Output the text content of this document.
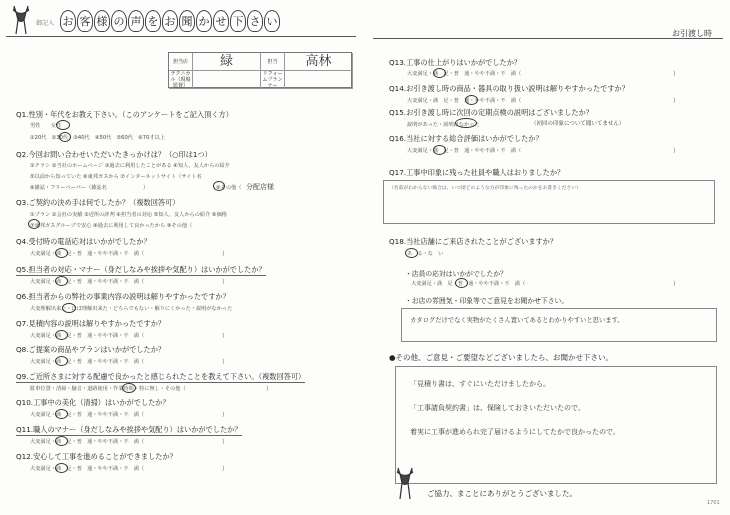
御記入 お 客 様 の 声 を お 聞 か せ 下 さ い
担当店	緑	担当	高林
テクニカル（現場監督）
リフォームプランナー
Q1.性別・年代をお教え下さい。（このアンケートをご記入頂く方）
男性　　女性
①20代　②30代　③40代　④50代　⑤60代　⑥70才以上
Q2.今回お問い合わせいただいたきっかけは？（○印は1つ）
①チラシ ②当社のホームページ ③過去に利用したことがある ④知人、友人からの紹介
⑤以前から知っていた ⑥東邦ガスから ⑦インターネットサイト（サイト名
⑧雑誌・フリーペーパー（雑誌名　　　　　　　）	⑨その他（ 分配店様
Q3.ご契約の決め手は何でしたか？（複数回答可）
①プラン ②会社の実績 ③近所の評判 ④担当者の対応 ⑤知人、友人からの紹介 ⑥価格
⑦東邦ガスグループで安心 ⑧過去に利用して良かったから ⑨その他（
Q4.受付時の電話応対はいかがでしたか？
大変満足・満　足・普　通・やや不満・不　満（	）
Q5.担当者の対応・マナー（身だしなみや挨拶や気配り）はいかがでしたか？
大変満足・満　足・普　通・やや不満・不　満（	）
Q6.担当者からの弊社の事業内容の説明は解りやすかったですか？
大変理解出来た・ほぼ理解出来た・どちらでもない・解りにくかった・説明がなかった
Q7.見積内容の説明は解りやすかったですか？
大変満足・満　足・普　通・やや不満・不　満（	）
Q8.ご提案の商品やプランはいかがでしたか？
大変満足・満　足・普　通・やや不満・不　満（	）
Q9.ご近所さまに対する配慮で良かったと感じられたことを教えて下さい。（複数回答可）
駐車位置・清掃・騒音・道路使用・作業時間・特に無し・その他（	）
Q10.工事中の美化（清掃）はいかがでしたか？
大変満足・満　足・普　通・やや不満・不　満（	）
Q11.職人のマナー（身だしなみや挨拶や気配り）はいかがでしたか？
大変満足・満　足・普　通・やや不満・不　満（	）
Q12.安心して工事を進めることができましたか？
大変満足・満　足・普　通・やや不満・不　満（	）
お引渡し時
Q13.工事の仕上がりはいかがでしたか？
大変満足・満　足・普　通・やや不満・不　満（	）
Q14.お引き渡し時の商品・器具の取り扱い説明は解りやすかったですか？
大変満足・満　足・普　通・やや不満・不　満（	）
Q15.お引き渡し時に次回の定期点検の説明はございましたか？
説明があった・説明はなかった	（初回の印象について聞いてません）
Q16.当社に対する総合評価はいかがでしたか？
大変満足・満　足・普　通・やや不満・不　満（	）
Q17.工事中印象に残った社員や職人はおりましたか？
（名前がわからない場合は、いつ頃どのような方が印象に残ったのかをお書きください）
Q18.当社店舗にご来店されたことがございますか？
あ　る・な　い
・店員の応対はいかがでしたか？
大変満足・満　足・普　通・やや不満・不　満（	）
・お店の雰囲気・印象等でご意見をお聞かせ下さい。
カタログだけでなく実物がたくさん置いてあるとわかりやすいと思います。
●その他、ご意見・ご要望などございましたら、お聞かせ下さい。
「見積り書は、すぐにいただけましたから。
「工事請負契約書」は、保険しておきいただいたので、
着実に工事が進められ完了届けるようにしてたかで良かったので。
ご協力、まことにありがとうございました。
1701
